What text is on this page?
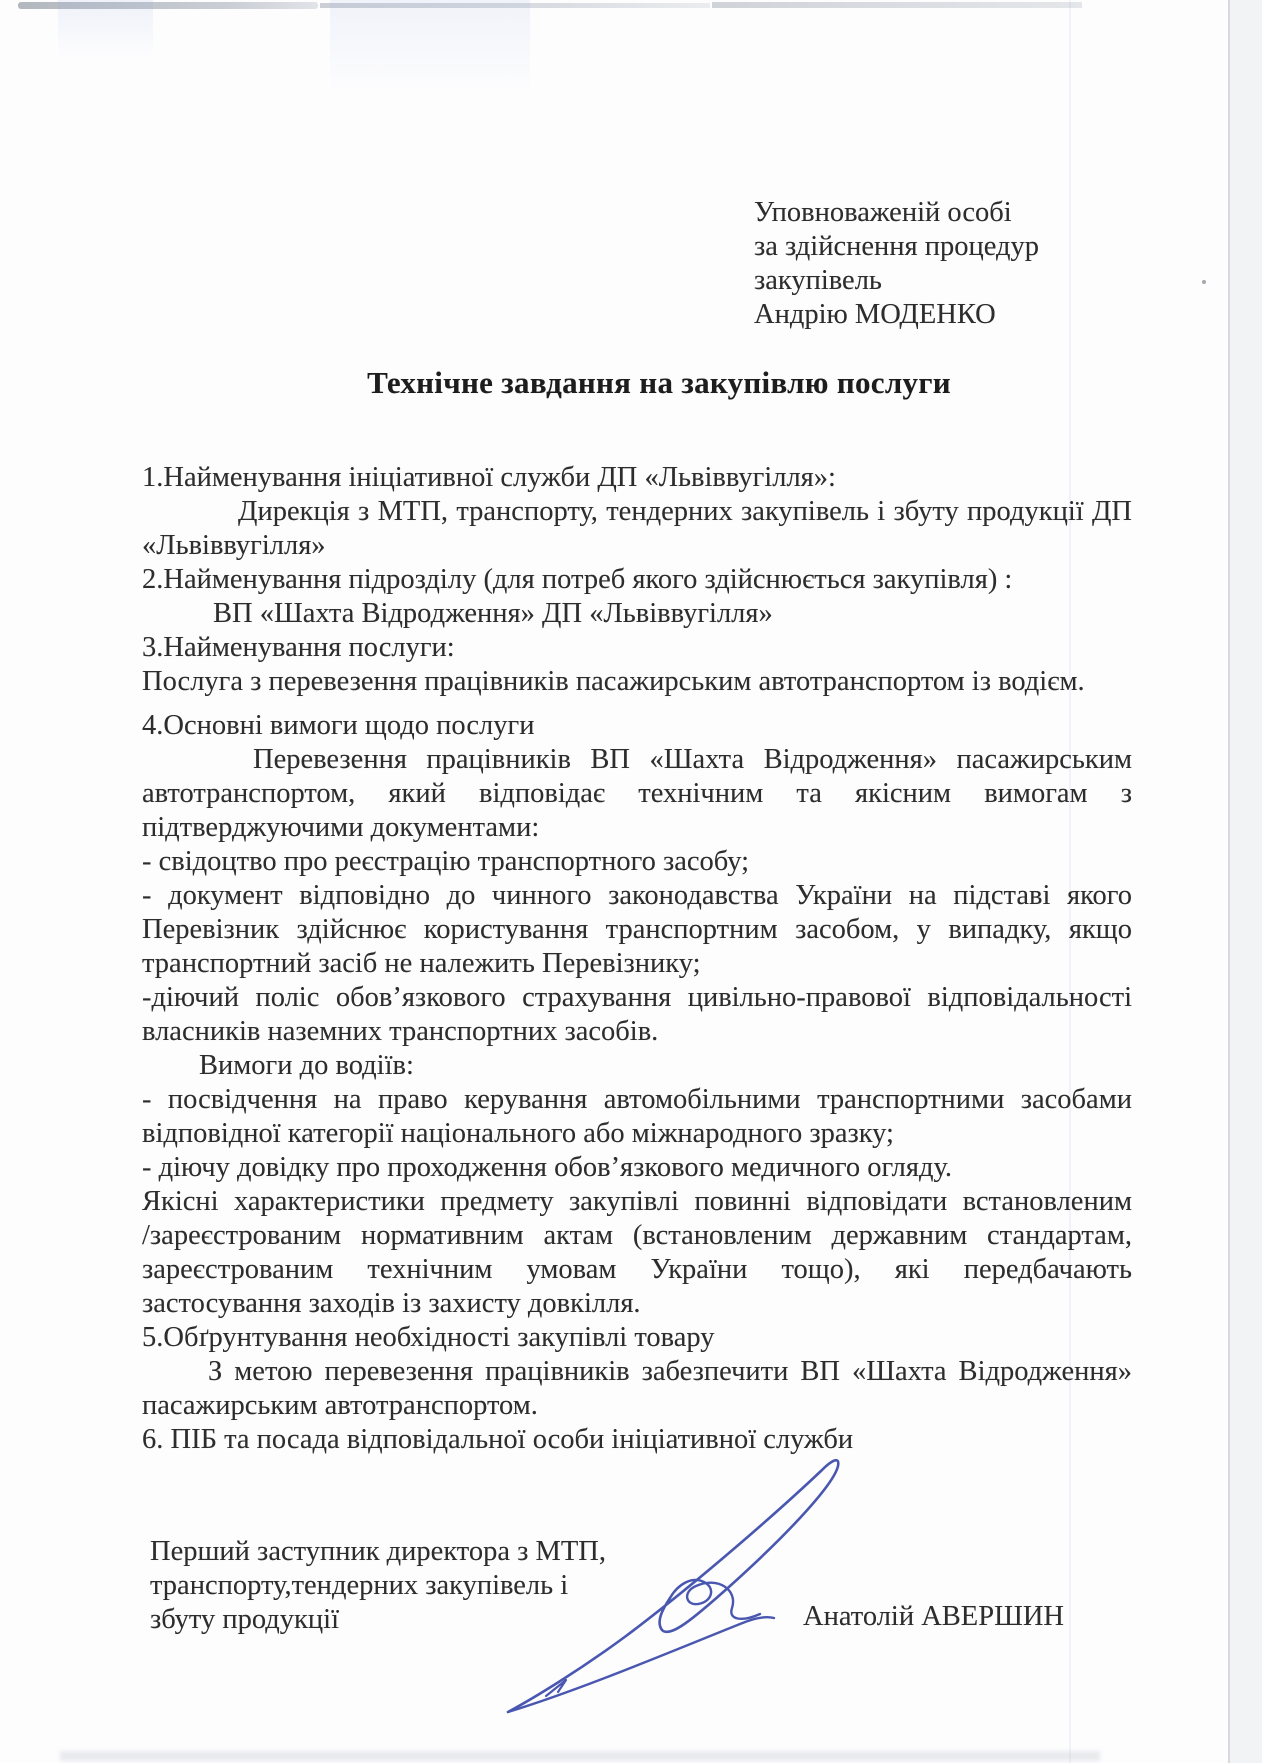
Уповноваженій особі
за здійснення процедур
закупівель
Андрію МОДЕНКО
Технічне завдання на закупівлю послуги
1.Найменування ініціативної служби ДП «Львіввугілля»:
Дирекція з МТП, транспорту, тендерних закупівель і збуту продукції ДП
«Львіввугілля»
2.Найменування підрозділу (для потреб якого здійснюється закупівля) :
ВП «Шахта Відродження» ДП «Львіввугілля»
3.Найменування послуги:
Послуга з перевезення працівників пасажирським автотранспортом із водієм.
4.Основні вимоги щодо послуги
Перевезення працівників ВП «Шахта Відродження» пасажирським
автотранспортом, який відповідає технічним та якісним вимогам з
підтверджуючими документами:
- свідоцтво про реєстрацію транспортного засобу;
- документ відповідно до чинного законодавства України на підставі якого
Перевізник здійснює користування транспортним засобом, у випадку, якщо
транспортний засіб не належить Перевізнику;
-діючий поліс обов’язкового страхування цивільно-правової відповідальності
власників наземних транспортних засобів.
Вимоги до водіїв:
- посвідчення на право керування автомобільними транспортними засобами
відповідної категорії національного або міжнародного зразку;
- діючу довідку про проходження обов’язкового медичного огляду.
Якісні характеристики предмету закупівлі повинні відповідати встановленим
/зареєстрованим нормативним актам (встановленим державним стандартам,
зареєстрованим технічним умовам України тощо), які передбачають
застосування заходів із захисту довкілля.
5.Обґрунтування необхідності закупівлі товару
З метою перевезення працівників забезпечити ВП «Шахта Відродження»
пасажирським автотранспортом.
6. ПІБ та посада відповідальної особи ініціативної служби
Перший заступник директора з МТП,
транспорту,тендерних закупівель і
збуту продукції	Анатолій АВЕРШИН
